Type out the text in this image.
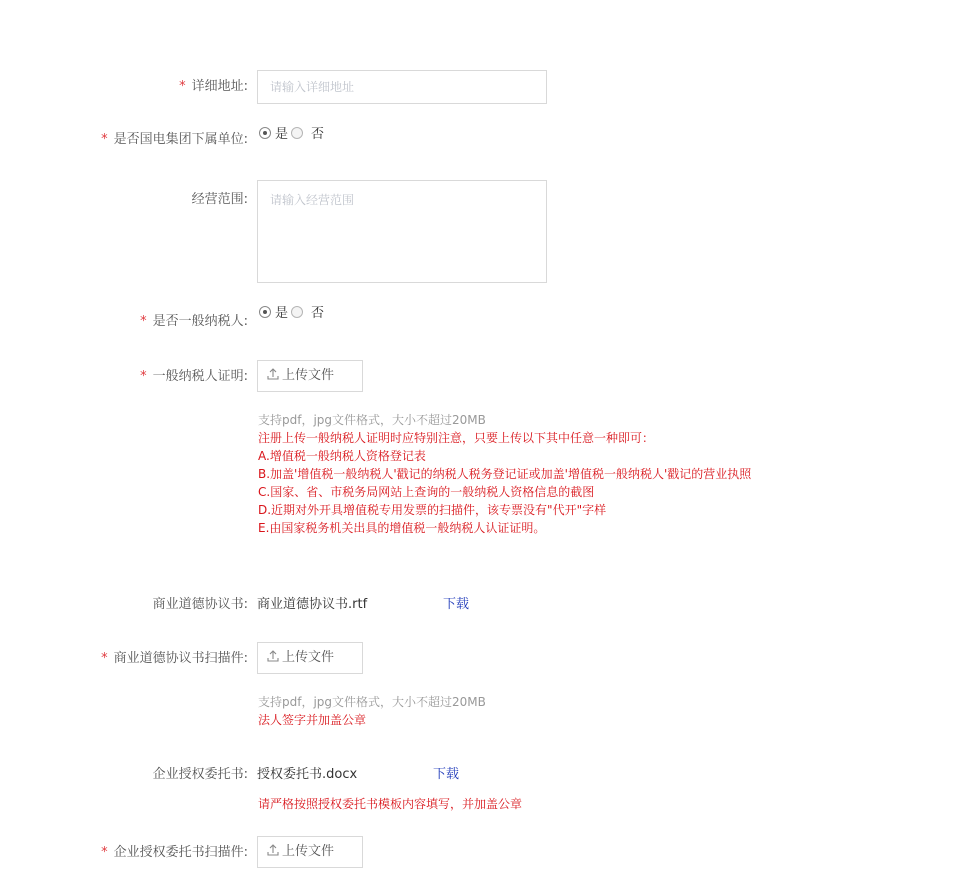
* 详细地址:	请输入详细地址
* 是否国电集团下属单位:	是 否
经营范围:	请输入经营范围
* 是否一般纳税人:
是 否
* 一般纳税人证明:	上传文件
支持pdf，jpg文件格式，大小不超过20MB
注册上传一般纳税人证明时应特别注意，只要上传以下其中任意一种即可：
A.增值税一般纳税人资格登记表
B.加盖'增值税一般纳税人'戳记的纳税人税务登记证或加盖'增值税一般纳税人'戳记的营业执照
C.国家、省、市税务局网站上查询的一般纳税人资格信息的截图
D.近期对外开具增值税专用发票的扫描件，该专票没有"代开"字样
E.由国家税务机关出具的增值税一般纳税人认证证明。
商业道德协议书: 商业道德协议书.rtf	下载
* 商业道德协议书扫描件:	上传文件
支持pdf，jpg文件格式，大小不超过20MB
法人签字并加盖公章
企业授权委托书: 授权委托书.docx	下载
请严格按照授权委托书模板内容填写，并加盖公章
* 企业授权委托书扫描件:	上传文件
